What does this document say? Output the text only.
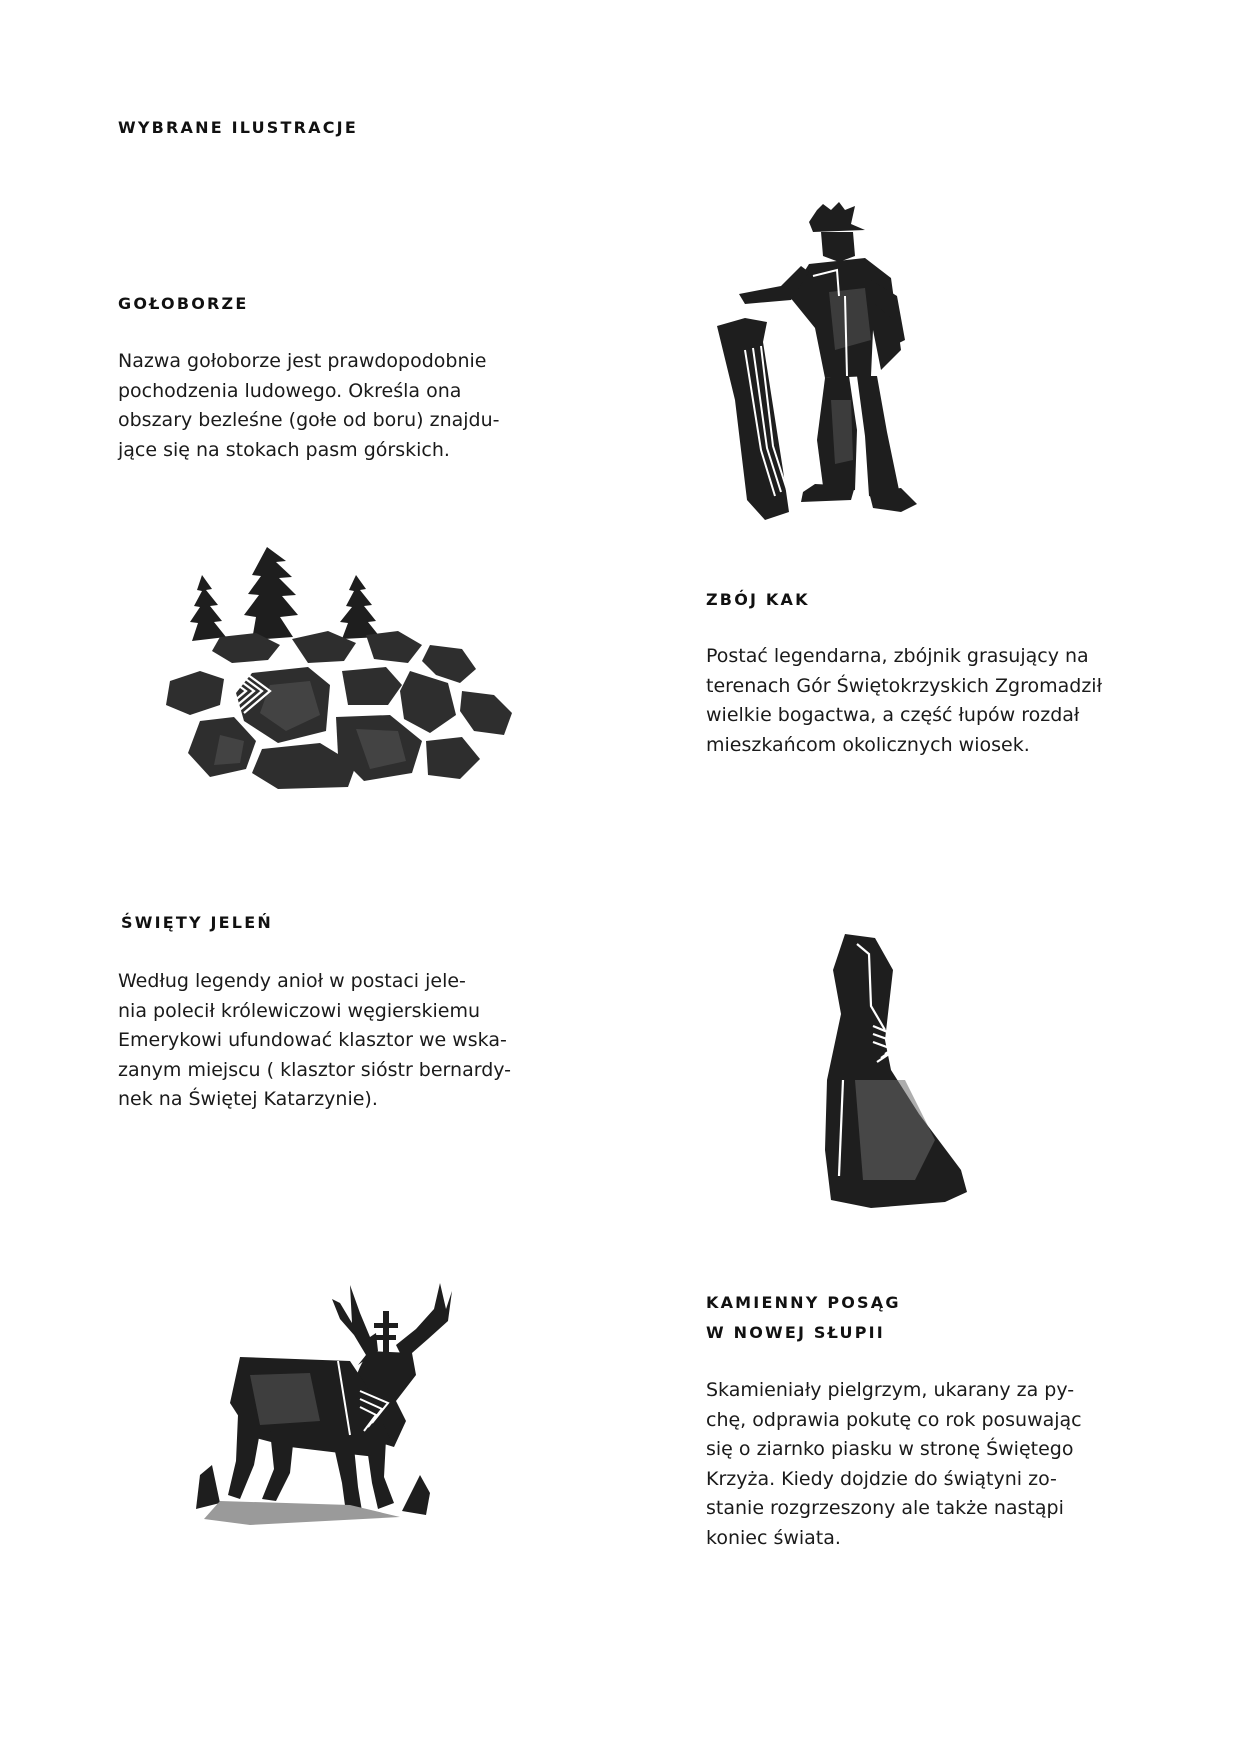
WYBRANE ILUSTRACJE
GOŁOBORZE

Nazwa gołoborze jest prawdopodobnie
pochodzenia ludowego. Określa ona
obszary bezleśne (gołe od boru) znajdu-
jące się na stokach pasm górskich.

ZBÓJ KAK

Postać legendarna, zbójnik grasujący na
terenach Gór Świętokrzyskich Zgromadził
wielkie bogactwa, a część łupów rozdał
mieszkańcom okolicznych wiosek.

ŚWIĘTY JELEŃ

Według legendy anioł w postaci jele-
nia polecił królewiczowi węgierskiemu
Emerykowi ufundować klasztor we wska-
zanym miejscu ( klasztor sióstr bernardy-
nek na Świętej Katarzynie).

KAMIENNY POSĄG
W NOWEJ SŁUPII

Skamieniały pielgrzym, ukarany za py-
chę, odprawia pokutę co rok posuwając
się o ziarnko piasku w stronę Świętego
Krzyża. Kiedy dojdzie do świątyni zo-
stanie rozgrzeszony ale także nastąpi
koniec świata.
